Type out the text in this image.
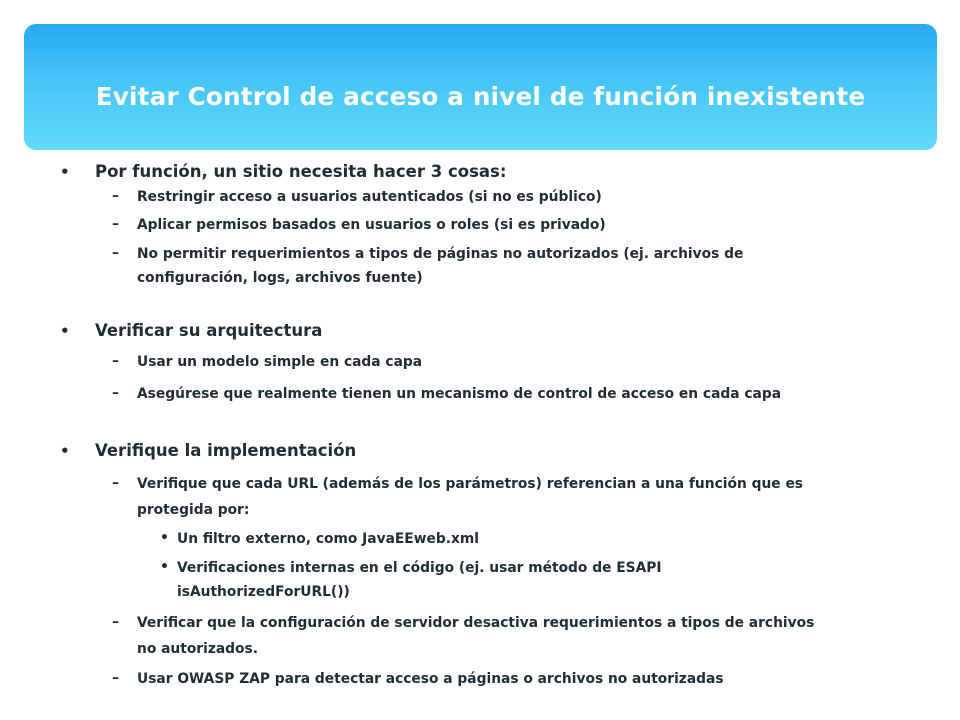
Evitar Control de acceso a nivel de función inexistente
• Por función, un sitio necesita hacer 3 cosas:
– Restringir acceso a usuarios autenticados (si no es público)
– Aplicar permisos basados en usuarios o roles (si es privado)
– No permitir requerimientos a tipos de páginas no autorizados (ej. archivos de
configuración, logs, archivos fuente)
• Verificar su arquitectura
– Usar un modelo simple en cada capa
– Asegúrese que realmente tienen un mecanismo de control de acceso en cada capa
• Verifique la implementación
– Verifique que cada URL (además de los parámetros) referencian a una función que es
protegida por:
• Un filtro externo, como JavaEEweb.xml
• Verificaciones internas en el código (ej. usar método de ESAPI
isAuthorizedForURL())
– Verificar que la configuración de servidor desactiva requerimientos a tipos de archivos
no autorizados.
– Usar OWASP ZAP para detectar acceso a páginas o archivos no autorizadas
